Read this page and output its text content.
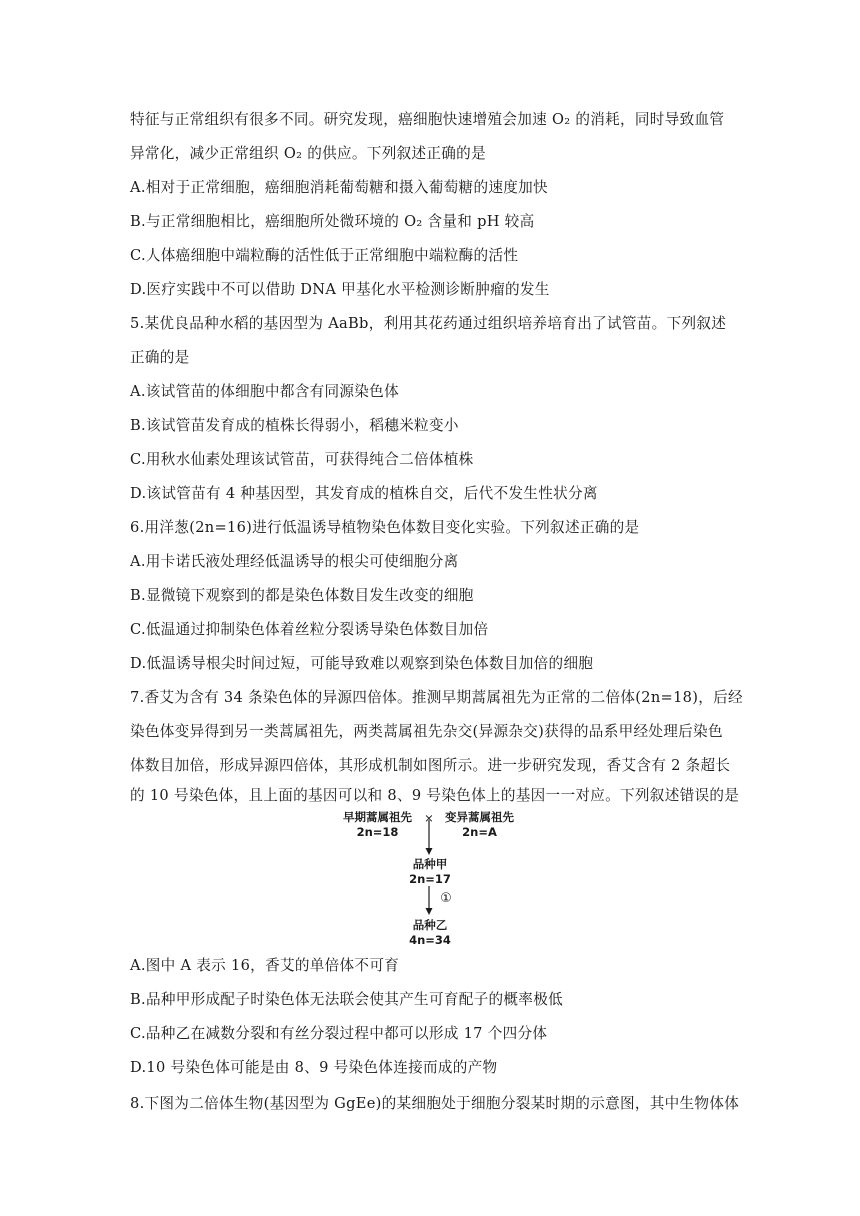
特征与正常组织有很多不同。研究发现，癌细胞快速增殖会加速 O₂ 的消耗，同时导致血管
异常化，减少正常组织 O₂ 的供应。下列叙述正确的是
A.相对于正常细胞，癌细胞消耗葡萄糖和摄入葡萄糖的速度加快
B.与正常细胞相比，癌细胞所处微环境的 O₂ 含量和 pH 较高
C.人体癌细胞中端粒酶的活性低于正常细胞中端粒酶的活性
D.医疗实践中不可以借助 DNA 甲基化水平检测诊断肿瘤的发生
5.某优良品种水稻的基因型为 AaBb，利用其花药通过组织培养培育出了试管苗。下列叙述
正确的是
A.该试管苗的体细胞中都含有同源染色体
B.该试管苗发育成的植株长得弱小，稻穗米粒变小
C.用秋水仙素处理该试管苗，可获得纯合二倍体植株
D.该试管苗有 4 种基因型，其发育成的植株自交，后代不发生性状分离
6.用洋葱(2n=16)进行低温诱导植物染色体数目变化实验。下列叙述正确的是
A.用卡诺氏液处理经低温诱导的根尖可使细胞分离
B.显微镜下观察到的都是染色体数目发生改变的细胞
C.低温通过抑制染色体着丝粒分裂诱导染色体数目加倍
D.低温诱导根尖时间过短，可能导致难以观察到染色体数目加倍的细胞
7.香艾为含有 34 条染色体的异源四倍体。推测早期蒿属祖先为正常的二倍体(2n=18)，后经
染色体变异得到另一类蒿属祖先，两类蒿属祖先杂交(异源杂交)获得的品系甲经处理后染色
体数目加倍，形成异源四倍体，其形成机制如图所示。进一步研究发现，香艾含有 2 条超长
的 10 号染色体，且上面的基因可以和 8、9 号染色体上的基因一一对应。下列叙述错误的是
早期蒿属祖先
2n=18
× 变异蒿属祖先
2n=A
品种甲
2n=17
①
品种乙
4n=34
A.图中 A 表示 16，香艾的单倍体不可育
B.品种甲形成配子时染色体无法联会使其产生可育配子的概率极低
C.品种乙在减数分裂和有丝分裂过程中都可以形成 17 个四分体
D.10 号染色体可能是由 8、9 号染色体连接而成的产物
8.下图为二倍体生物(基因型为 GgEe)的某细胞处于细胞分裂某时期的示意图，其中生物体体
